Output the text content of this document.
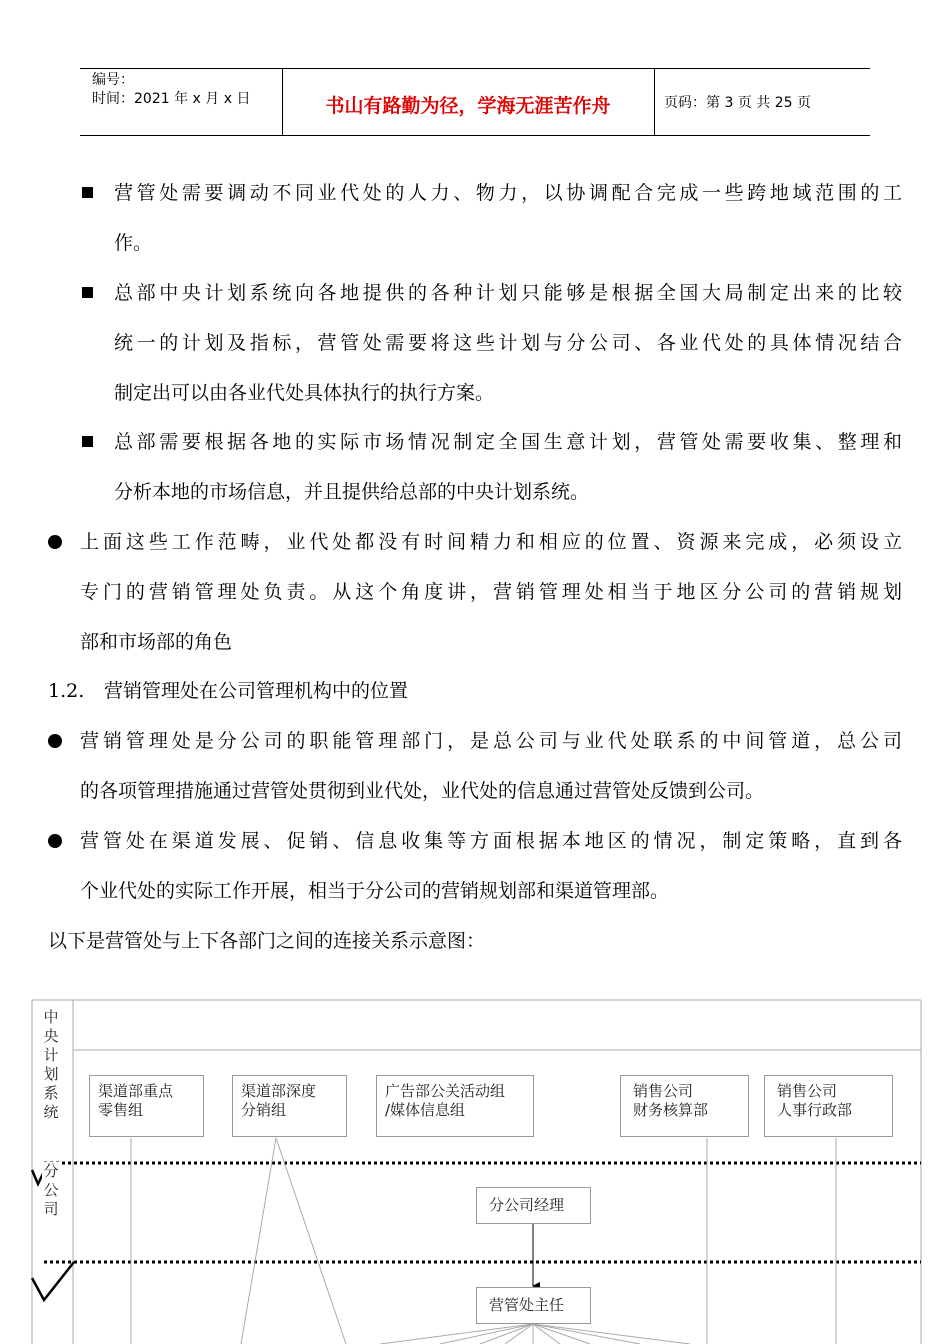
编号：
时间：2021 年 x 月 x 日	书山有路勤为径，学海无涯苦作舟	页码：第 3 页 共 25 页
营管处需要调动不同业代处的人力、物力，以协调配合完成一些跨地域范围的工
作。
总部中央计划系统向各地提供的各种计划只能够是根据全国大局制定出来的比较
统一的计划及指标，营管处需要将这些计划与分公司、各业代处的具体情况结合
制定出可以由各业代处具体执行的执行方案。
总部需要根据各地的实际市场情况制定全国生意计划，营管处需要收集、整理和
分析本地的市场信息，并且提供给总部的中央计划系统。
上面这些工作范畴，业代处都没有时间精力和相应的位置、资源来完成，必须设立
专门的营销管理处负责。从这个角度讲，营销管理处相当于地区分公司的营销规划
部和市场部的角色
1.2. 营销管理处在公司管理机构中的位置
营销管理处是分公司的职能管理部门，是总公司与业代处联系的中间管道，总公司
的各项管理措施通过营管处贯彻到业代处，业代处的信息通过营管处反馈到公司。
营管处在渠道发展、促销、信息收集等方面根据本地区的情况，制定策略，直到各
个业代处的实际工作开展，相当于分公司的营销规划部和渠道管理部。
以下是营管处与上下各部门之间的连接关系示意图：
中央计划系统
分公司
渠道部重点
零售组
渠道部深度
分销组
广告部公关活动组
/媒体信息组
销售公司
财务核算部
销售公司
人事行政部
分公司经理
营管处主任
